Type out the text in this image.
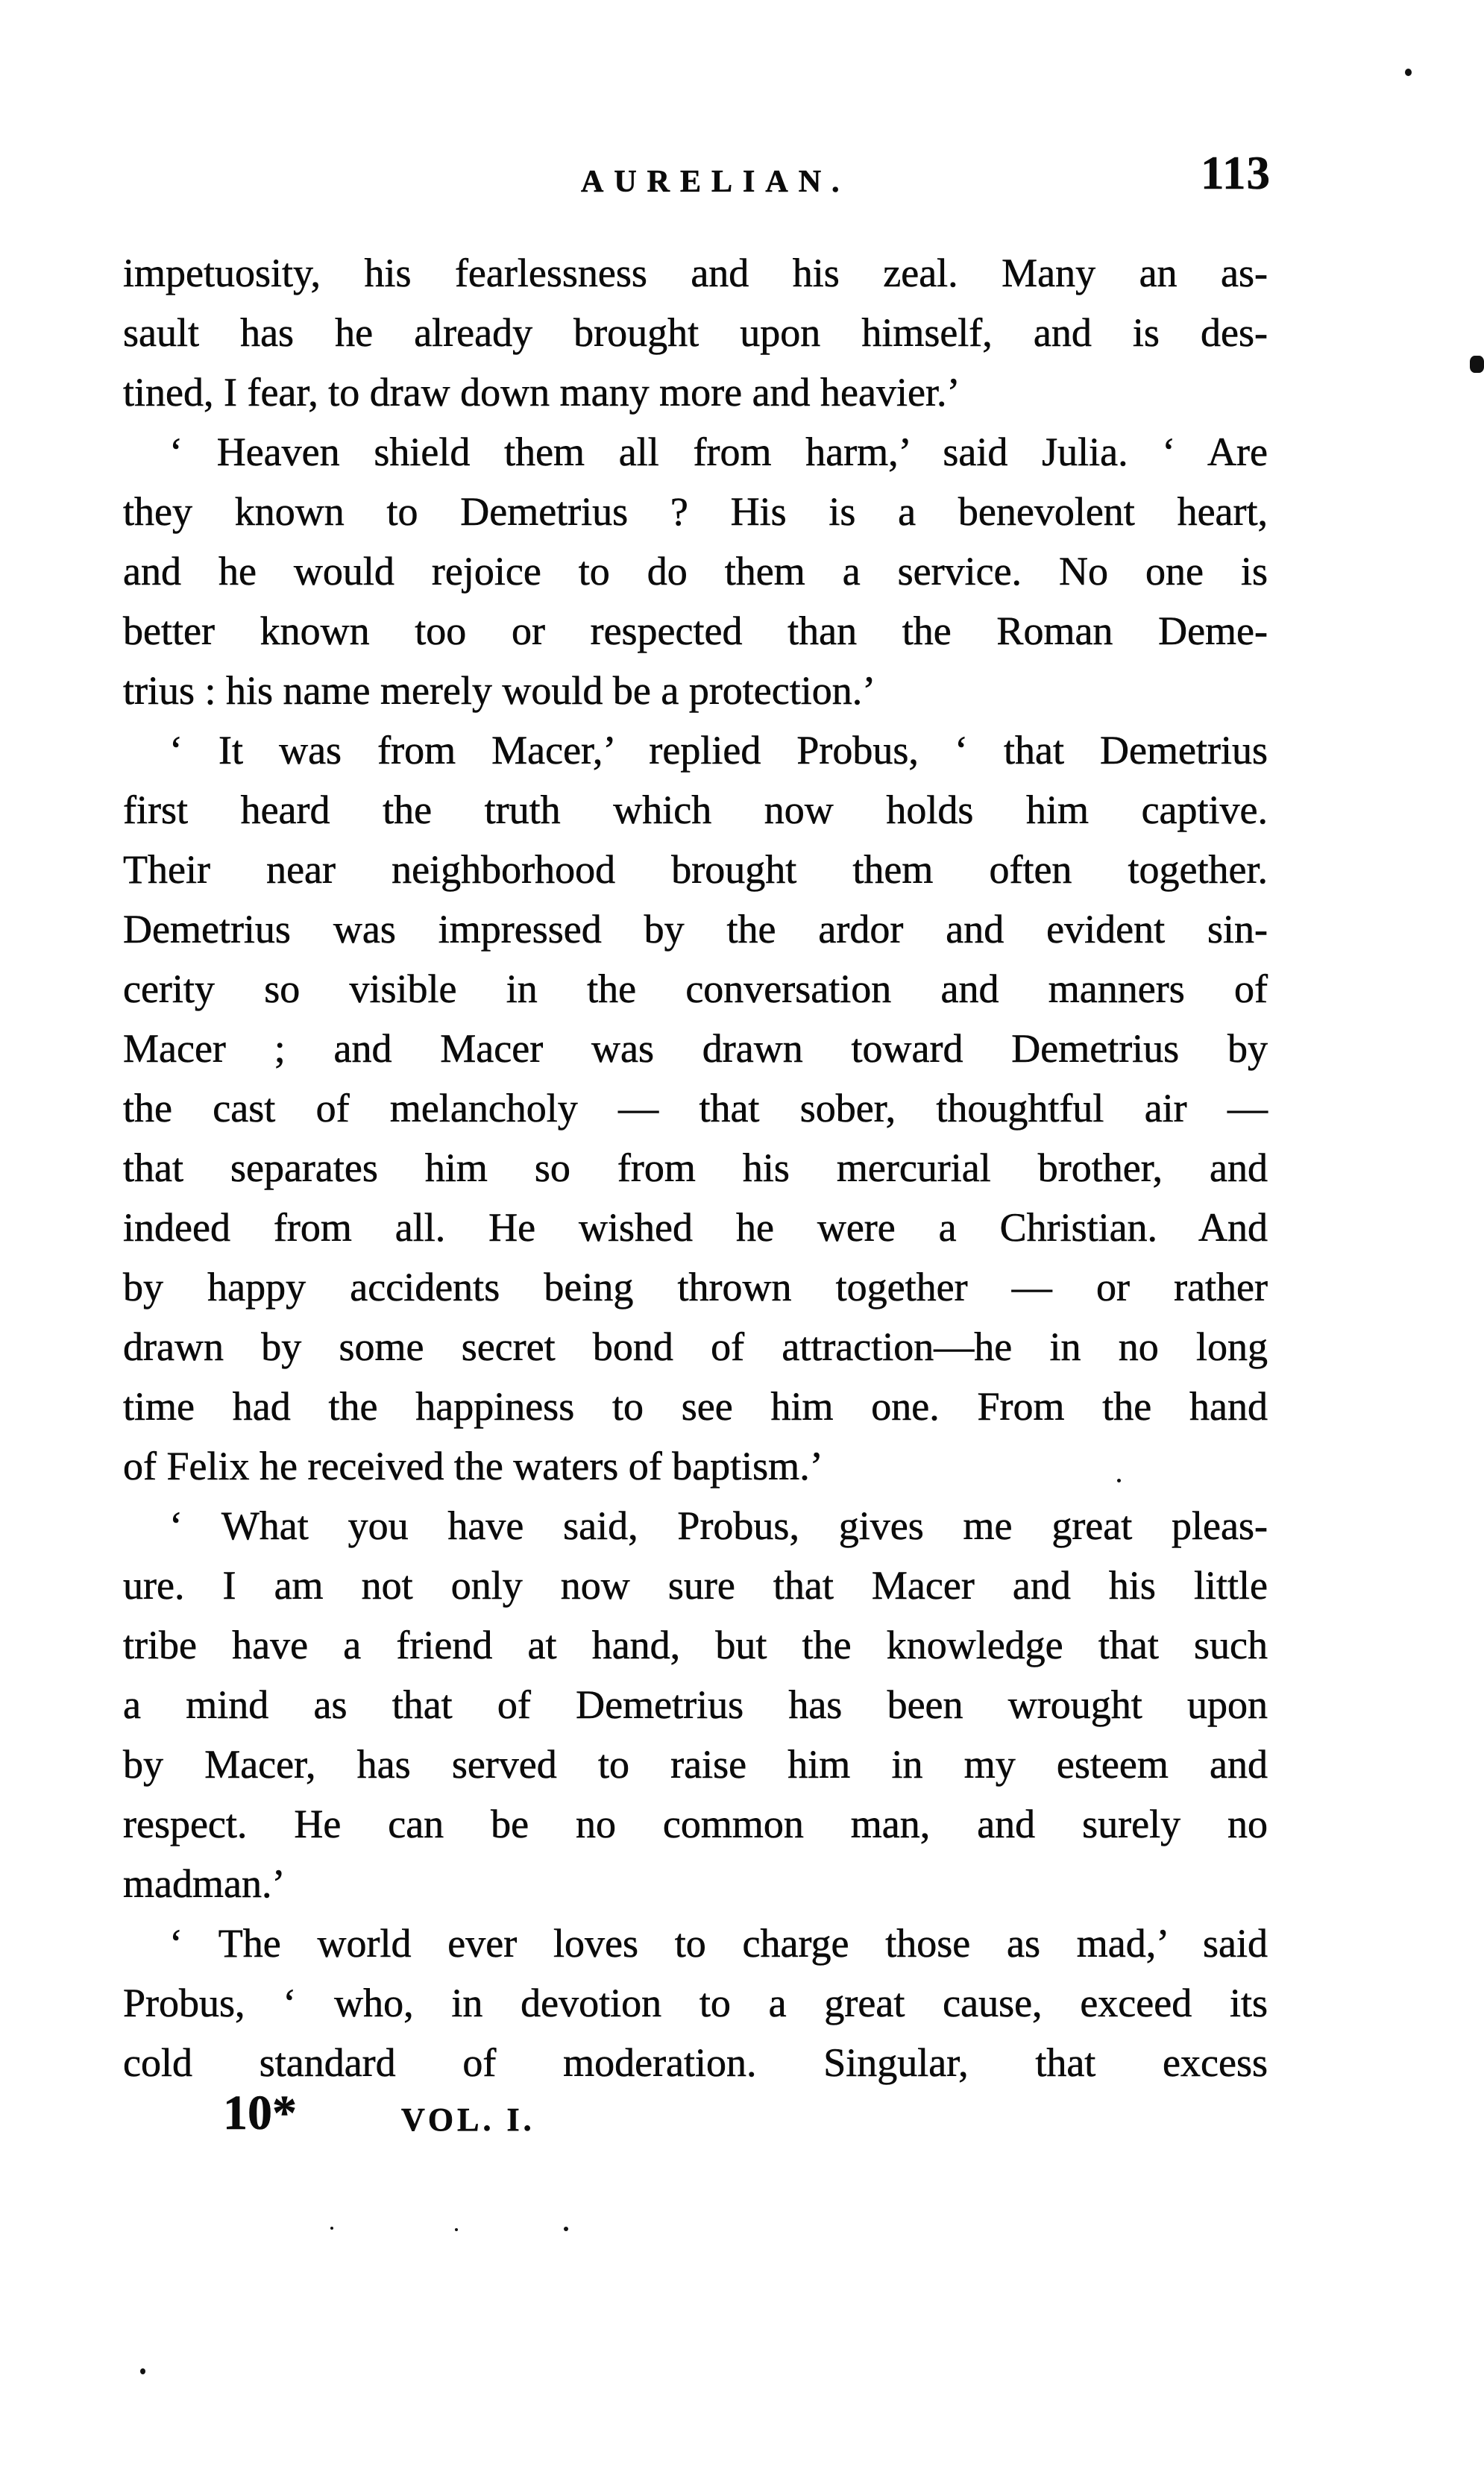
AURELIAN.	113
impetuosity, his fearlessness and his zeal. Many an as-
sault has he already brought upon himself, and is des-
tined, I fear, to draw down many more and heavier.’
‘ Heaven shield them all from harm,’ said Julia. ‘ Are
they known to Demetrius ? His is a benevolent heart,
and he would rejoice to do them a service. No one is
better known too or respected than the Roman Deme-
trius : his name merely would be a protection.’
‘ It was from Macer,’ replied Probus, ‘ that Demetrius
first heard the truth which now holds him captive.
Their near neighborhood brought them often together.
Demetrius was impressed by the ardor and evident sin-
cerity so visible in the conversation and manners of
Macer ; and Macer was drawn toward Demetrius by
the cast of melancholy — that sober, thoughtful air —
that separates him so from his mercurial brother, and
indeed from all. He wished he were a Christian. And
by happy accidents being thrown together — or rather
drawn by some secret bond of attraction—he in no long
time had the happiness to see him one. From the hand
of Felix he received the waters of baptism.’
‘ What you have said, Probus, gives me great pleas-
ure. I am not only now sure that Macer and his little
tribe have a friend at hand, but the knowledge that such
a mind as that of Demetrius has been wrought upon
by Macer, has served to raise him in my esteem and
respect. He can be no common man, and surely no
madman.’
‘ The world ever loves to charge those as mad,’ said
Probus, ‘ who, in devotion to a great cause, exceed its
cold standard of moderation. Singular, that excess
10*	VOL. I.
